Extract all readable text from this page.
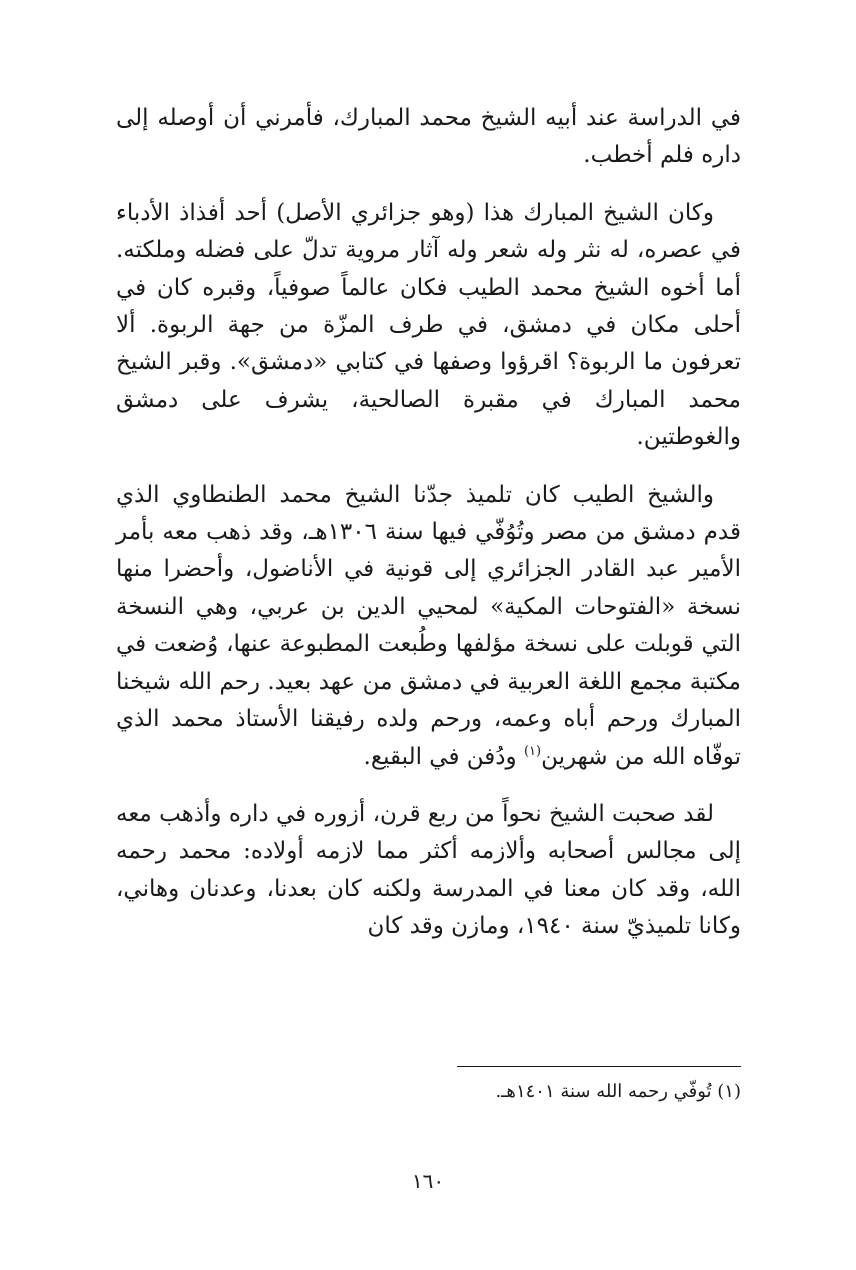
في الدراسة عند أبيه الشيخ محمد المبارك، فأمرني أن أوصله إلى داره فلم أخطب.

وكان الشيخ المبارك هذا (وهو جزائري الأصل) أحد أفذاذ الأدباء في عصره، له نثر وله شعر وله آثار مروية تدلّ على فضله وملكته. أما أخوه الشيخ محمد الطيب فكان عالماً صوفياً، وقبره كان في أحلى مكان في دمشق، في طرف المزّة من جهة الربوة. ألا تعرفون ما الربوة؟ اقرؤوا وصفها في كتابي «دمشق». وقبر الشيخ محمد المبارك في مقبرة الصالحية، يشرف على دمشق والغوطتين.

والشيخ الطيب كان تلميذ جدّنا الشيخ محمد الطنطاوي الذي قدم دمشق من مصر وتُوُفّي فيها سنة ١٣٠٦هـ، وقد ذهب معه بأمر الأمير عبد القادر الجزائري إلى قونية في الأناضول، وأحضرا منها نسخة «الفتوحات المكية» لمحيي الدين بن عربي، وهي النسخة التي قوبلت على نسخة مؤلفها وطُبعت المطبوعة عنها، وُضعت في مكتبة مجمع اللغة العربية في دمشق من عهد بعيد. رحم الله شيخنا المبارك ورحم أباه وعمه، ورحم ولده رفيقنا الأستاذ محمد الذي توفّاه الله من شهرين$^{(١)}$ ودُفن في البقيع.

لقد صحبت الشيخ نحواً من ربع قرن، أزوره في داره وأذهب معه إلى مجالس أصحابه وألازمه أكثر مما لازمه أولاده: محمد رحمه الله، وقد كان معنا في المدرسة ولكنه كان بعدنا، وعدنان وهاني، وكانا تلميذيّ سنة ١٩٤٠، ومازن وقد كان

(١) تُوفّي رحمه الله سنة ١٤٠١هـ.
١٦٠
